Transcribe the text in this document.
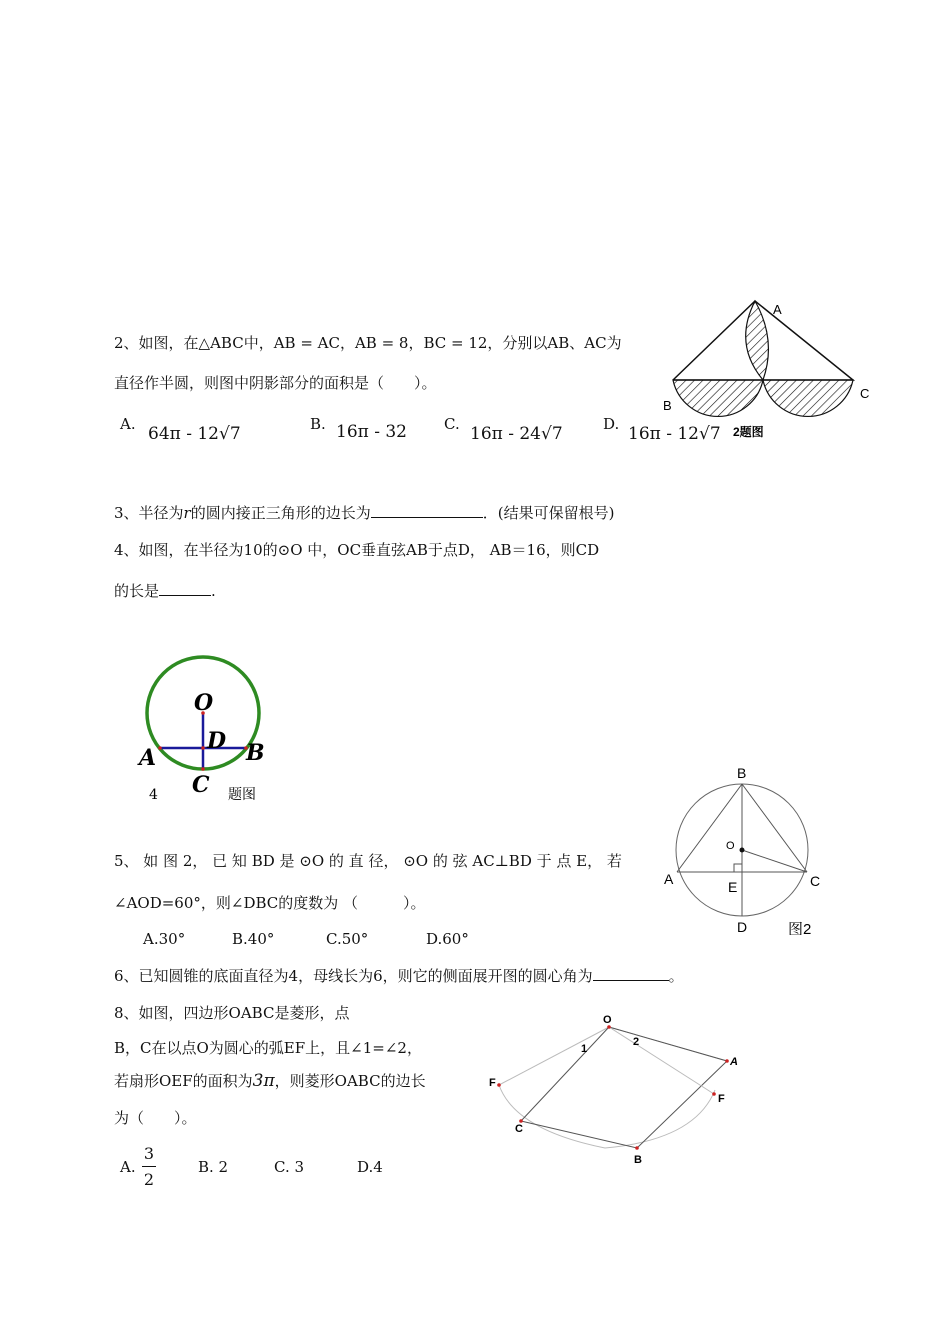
2、如图，在△ABC中，AB = AC，AB = 8，BC = 12，分别以AB、AC为
直径作半圆，则图中阴影部分的面积是（　　）。
A. 64π - 12√7	B. 16π - 32 C. 16π - 24√7	D. 16π - 12√7
A
B
C
2题图
3、半径为r的圆内接正三角形的边长为	．(结果可保留根号)
4、如图，在半径为10的⊙O 中，OC垂直弦AB于点D， AB＝16，则CD
的长是	.
O
D
A	B
C
4	题图
5、 如 图 2， 已 知 BD 是 ⊙O 的 直 径， ⊙O 的 弦 AC⊥BD 于 点 E， 若
∠AOD=60°，则∠DBC的度数为 （　　　）。
A.30°	B.40°	C.50°	D.60°
B
O
A	E	C
D	图2
6、已知圆锥的底面直径为4，母线长为6，则它的侧面展开图的圆心角为	。
8、如图，四边形OABC是菱形，点
B，C在以点O为圆心的弧EF上，且∠1=∠2，
若扇形OEF的面积为3π，则菱形OABC的边长
为（　　）。
A.
3
2
B. 2	C. 3	D.4
O
1
2
F
F
C
B
A
